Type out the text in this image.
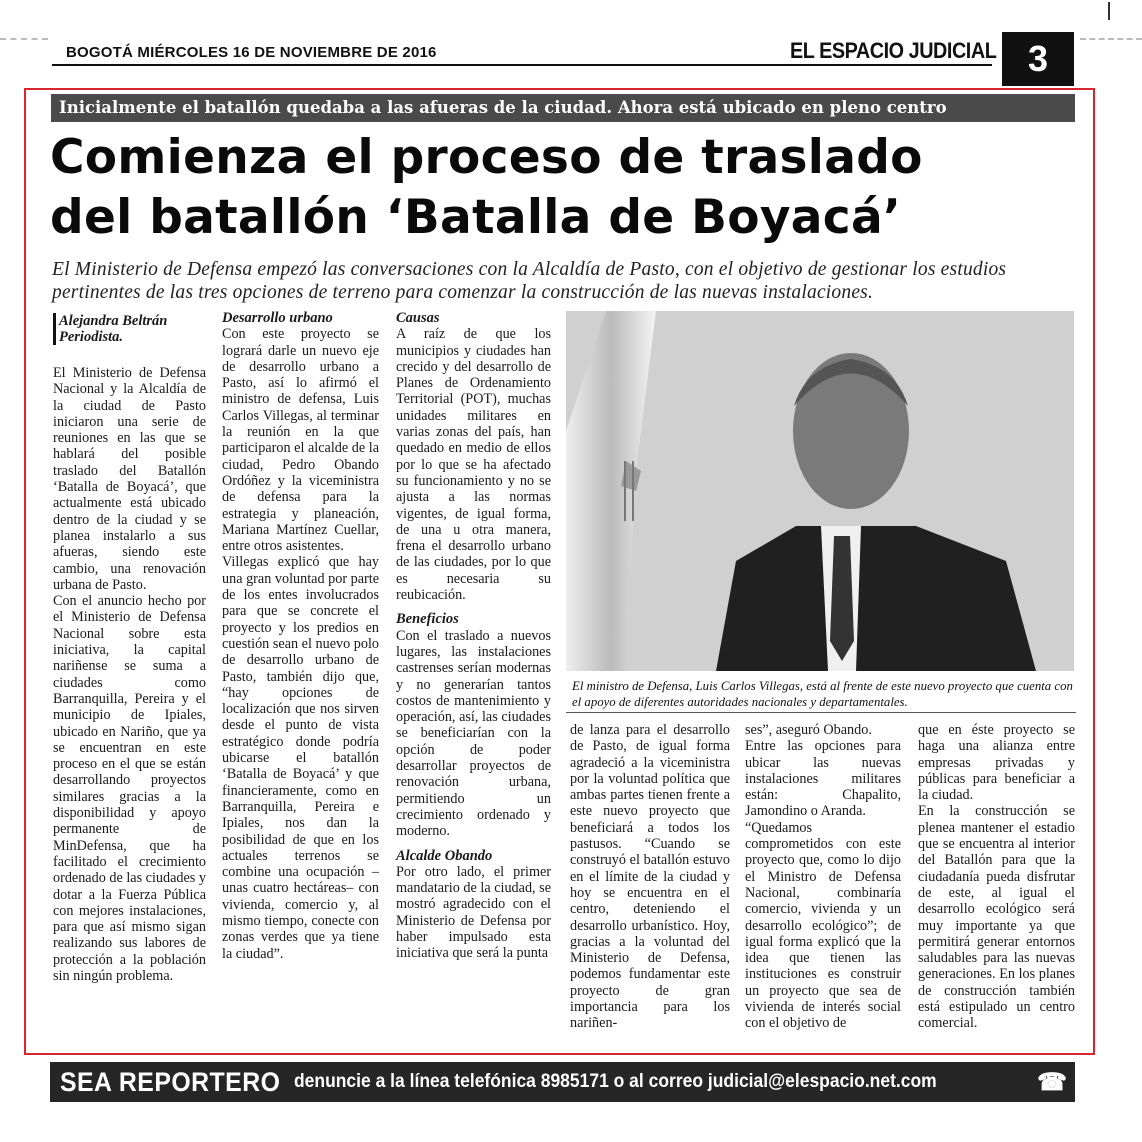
BOGOTÁ MIÉRCOLES 16 DE NOVIEMBRE DE 2016	EL ESPACIO JUDICIAL 3
Inicialmente el batallón quedaba a las afueras de la ciudad. Ahora está ubicado en pleno centro
Comienza el proceso de traslado
del batallón ‘Batalla de Boyacá’
El Ministerio de Defensa empezó las conversaciones con la Alcaldía de Pasto, con el objetivo de gestionar los estudios
pertinentes de las tres opciones de terreno para comenzar la construcción de las nuevas instalaciones.
Alejandra Beltrán
Periodista.

El Ministerio de Defensa Nacional y la Alcaldía de la ciudad de Pasto iniciaron una serie de reuniones en las que se hablará del posible traslado del Batallón ‘Batalla de Boyacá’, que actualmente está ubicado dentro de la ciudad y se planea instalarlo a sus afueras, siendo este cambio, una renovación urbana de Pasto.

Con el anuncio hecho por el Ministerio de Defensa Nacional sobre esta iniciativa, la capital nariñense se suma a ciudades como Barranquilla, Pereira y el municipio de Ipiales, ubicado en Nariño, que ya se encuentran en este proceso en el que se están desarrollando proyectos similares gracias a la disponibilidad y apoyo permanente de MinDefensa, que ha facilitado el crecimiento ordenado de las ciudades y dotar a la Fuerza Pública con mejores instalaciones, para que así mismo sigan realizando sus labores de protección a la población sin ningún problema.

Desarrollo urbano

Con este proyecto se logrará darle un nuevo eje de desarrollo urbano a Pasto, así lo afirmó el ministro de defensa, Luis Carlos Villegas, al terminar la reunión en la que participaron el alcalde de la ciudad, Pedro Obando Ordóñez y la viceministra de defensa para la estrategia y planeación, Mariana Martínez Cuellar, entre otros asistentes.

Villegas explicó que hay una gran voluntad por parte de los entes involucrados para que se concrete el proyecto y los predios en cuestión sean el nuevo polo de desarrollo urbano de Pasto, también dijo que, “hay opciones de localización que nos sirven desde el punto de vista estratégico donde podría ubicarse el batallón ‘Batalla de Boyacá’ y que financieramente, como en Barranquilla, Pereira e Ipiales, nos dan la posibilidad de que en los actuales terrenos se combine una ocupación –unas cuatro hectáreas– con vivienda, comercio y, al mismo tiempo, conecte con zonas verdes que ya tiene la ciudad”.

Causas

A raíz de que los municipios y ciudades han crecido y del desarrollo de Planes de Ordenamiento Territorial (POT), muchas unidades militares en varias zonas del país, han quedado en medio de ellos por lo que se ha afectado su funcionamiento y no se ajusta a las normas vigentes, de igual forma, de una u otra manera, frena el desarrollo urbano de las ciudades, por lo que es necesaria su reubicación.

Beneficios

Con el traslado a nuevos lugares, las instalaciones castrenses serían modernas y no generarían tantos costos de mantenimiento y operación, así, las ciudades se beneficiarían con la opción de poder desarrollar proyectos de renovación urbana, permitiendo un crecimiento ordenado y moderno.

Alcalde Obando

Por otro lado, el primer mandatario de la ciudad, se mostró agradecido con el Ministerio de Defensa por haber impulsado esta iniciativa que será la punta

El ministro de Defensa, Luis Carlos Villegas, está al frente de este nuevo proyecto que cuenta con el apoyo de diferentes autoridades nacionales y departamentales.

de lanza para el desarrollo de Pasto, de igual forma agradeció a la viceministra por la voluntad política que ambas partes tienen frente a este nuevo proyecto que beneficiará a todos los pastusos. “Cuando se construyó el batallón estuvo en el límite de la ciudad y hoy se encuentra en el centro, deteniendo el desarrollo urbanístico. Hoy, gracias a la voluntad del Ministerio de Defensa, podemos fundamentar este proyecto de gran importancia para los nariñen-

ses”, aseguró Obando.

Entre las opciones para ubicar las nuevas instalaciones militares están: Chapalito, Jamondino o Aranda.

“Quedamos comprometidos con este proyecto que, como lo dijo el Ministro de Defensa Nacional, combinaría comercio, vivienda y un desarrollo ecológico”; de igual forma explicó que la idea que tienen las instituciones es construir un proyecto que sea de vivienda de interés social con el objetivo de

que en éste proyecto se haga una alianza entre empresas privadas y públicas para beneficiar a la ciudad.

En la construcción se plenea mantener el estadio que se encuentra al interior del Batallón para que la ciudadanía pueda disfrutar de este, al igual el desarrollo ecológico será muy importante ya que permitirá generar entornos saludables para las nuevas generaciones. En los planes de construcción también está estipulado un centro comercial.

SEA REPORTERO denuncie a la línea telefónica 8985171 o al correo judicial@elespacio.net.com	☎
